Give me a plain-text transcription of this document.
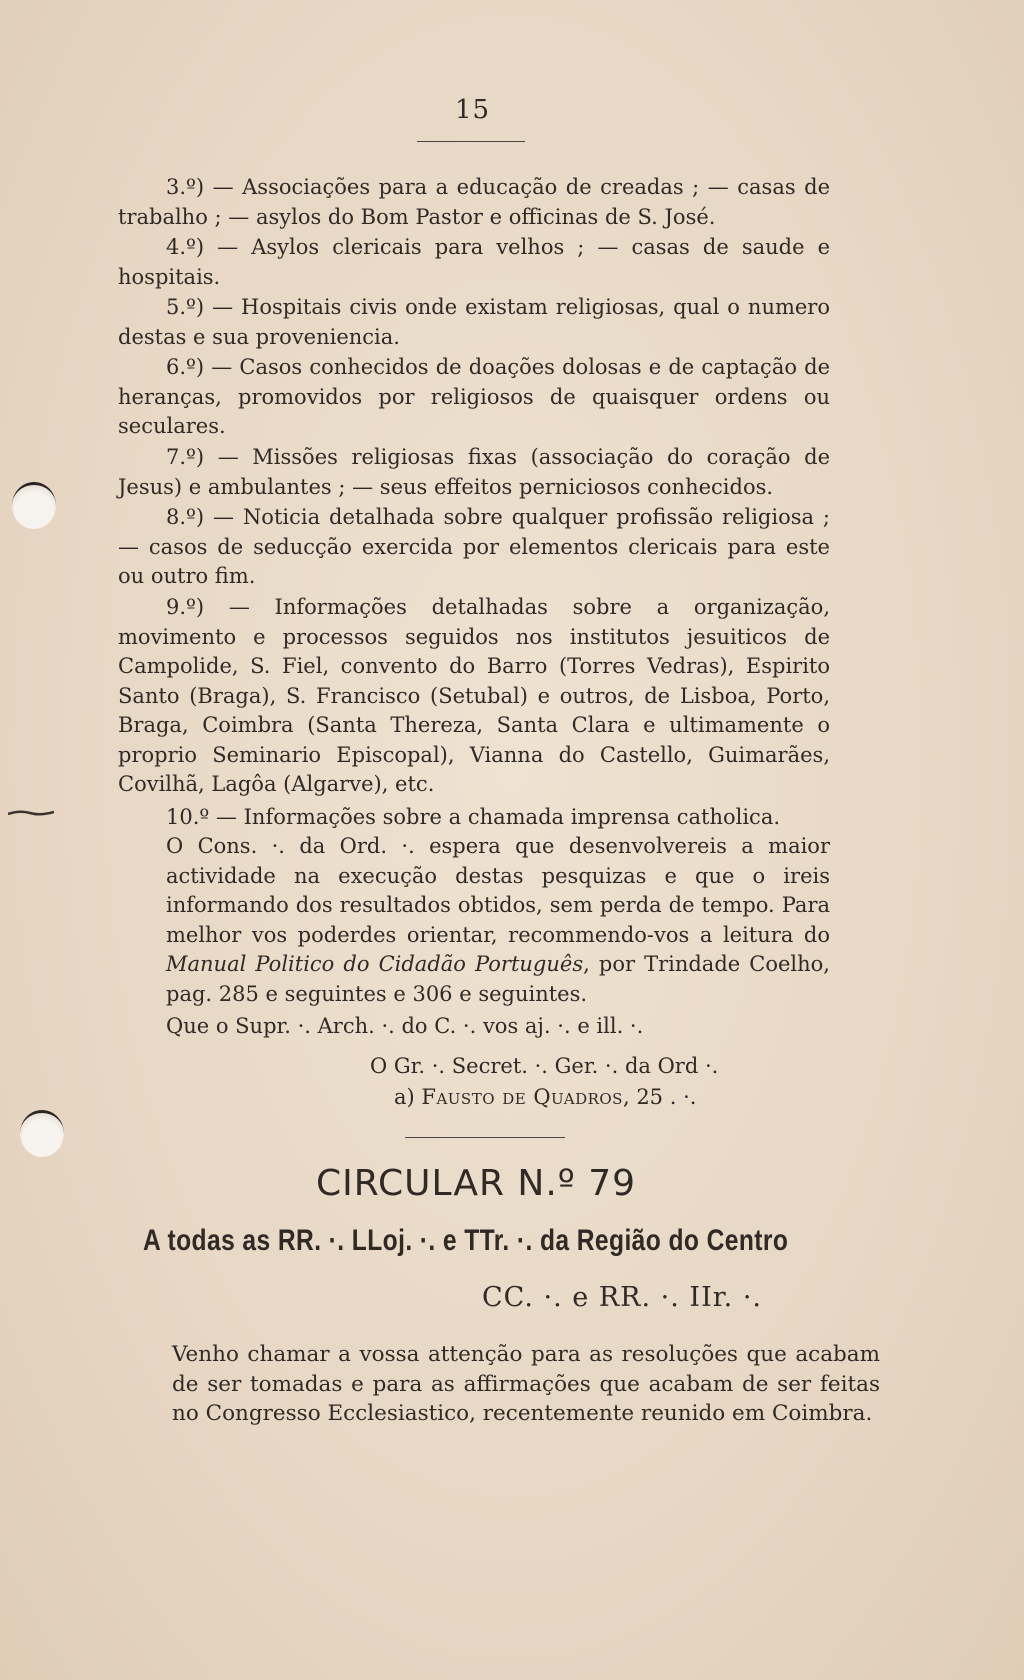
15

3.º) — Associações para a educação de creadas ; — casas de trabalho ; — asylos do Bom Pastor e officinas de S. José.

4.º) — Asylos clericais para velhos ; — casas de saude e hospitais.

5.º) — Hospitais civis onde existam religiosas, qual o numero destas e sua proveniencia.

6.º) — Casos conhecidos de doações dolosas e de captação de heranças, promovidos por religiosos de quaisquer ordens ou seculares.

7.º) — Missões religiosas fixas (associação do coração de Jesus) e ambulantes ; — seus effeitos perniciosos conhecidos.

8.º) — Noticia detalhada sobre qualquer profissão religiosa ; — casos de seducção exercida por elementos clericais para este ou outro fim.

9.º) — Informações detalhadas sobre a organização, movimento e processos seguidos nos institutos jesuiticos de Campolide, S. Fiel, convento do Barro (Torres Vedras), Espirito Santo (Braga), S. Francisco (Setubal) e outros, de Lisboa, Porto, Braga, Coimbra (Santa Thereza, Santa Clara e ultimamente o proprio Seminario Episcopal), Vianna do Castello, Guimarães, Covilhã, Lagôa (Algarve), etc.

10.º — Informações sobre a chamada imprensa catholica.

O Cons. ·. da Ord. ·. espera que desenvolvereis a maior actividade na execução destas pesquizas e que o ireis informando dos resultados obtidos, sem perda de tempo. Para melhor vos poderdes orientar, recommendo-vos a leitura do Manual Politico do Cidadão Português, por Trindade Coelho, pag. 285 e seguintes e 306 e seguintes.

Que o Supr. ·. Arch. ·. do C. ·. vos aj. ·. e ill. ·.

O Gr. ·. Secret. ·. Ger. ·. da Ord ·.

a) Fausto de Quadros, 25 . ·.

CIRCULAR N.º 79

A todas as RR. ·. LLoj. ·. e TTr. ·. da Região do Centro

CC. ·. e RR. ·. IIr. ·.

Venho chamar a vossa attenção para as resoluções que acabam de ser tomadas e para as affirmações que acabam de ser feitas no Congresso Ecclesiastico, recentemente reunido em Coimbra.
